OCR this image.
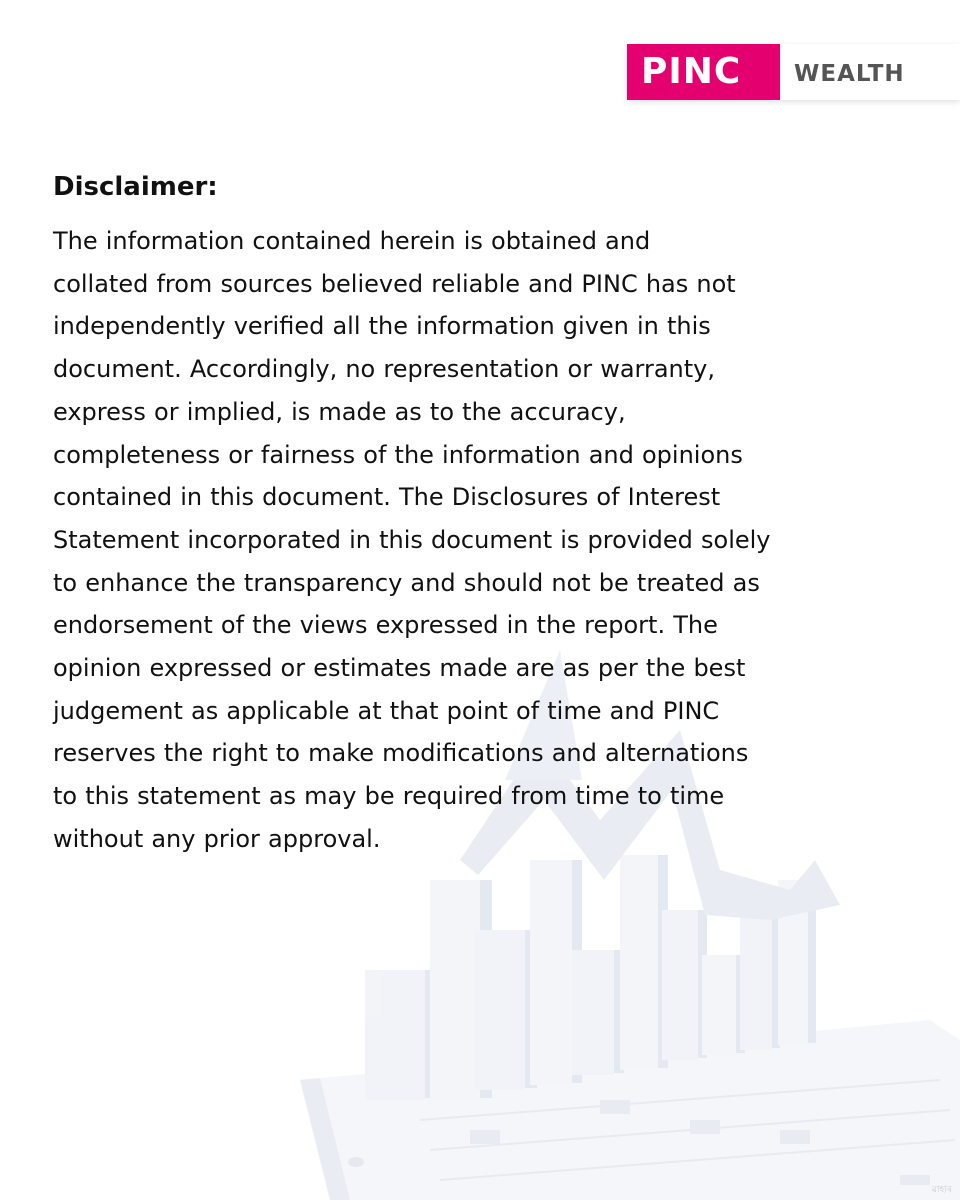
PINC	WEALTH
Disclaimer:

The information contained herein is obtained and
collated from sources believed reliable and PINC has not
independently verified all the information given in this
document. Accordingly, no representation or warranty,
express or implied, is made as to the accuracy,
completeness or fairness of the information and opinions
contained in this document. The Disclosures of Interest
Statement incorporated in this document is provided solely
to enhance the transparency and should not be treated as
endorsement of the views expressed in the report. The
opinion expressed or estimates made are as per the best
judgement as applicable at that point of time and PINC
reserves the right to make modifications and alternations
to this statement as may be required from time to time
without any prior approval.

ৱাহাৰ
